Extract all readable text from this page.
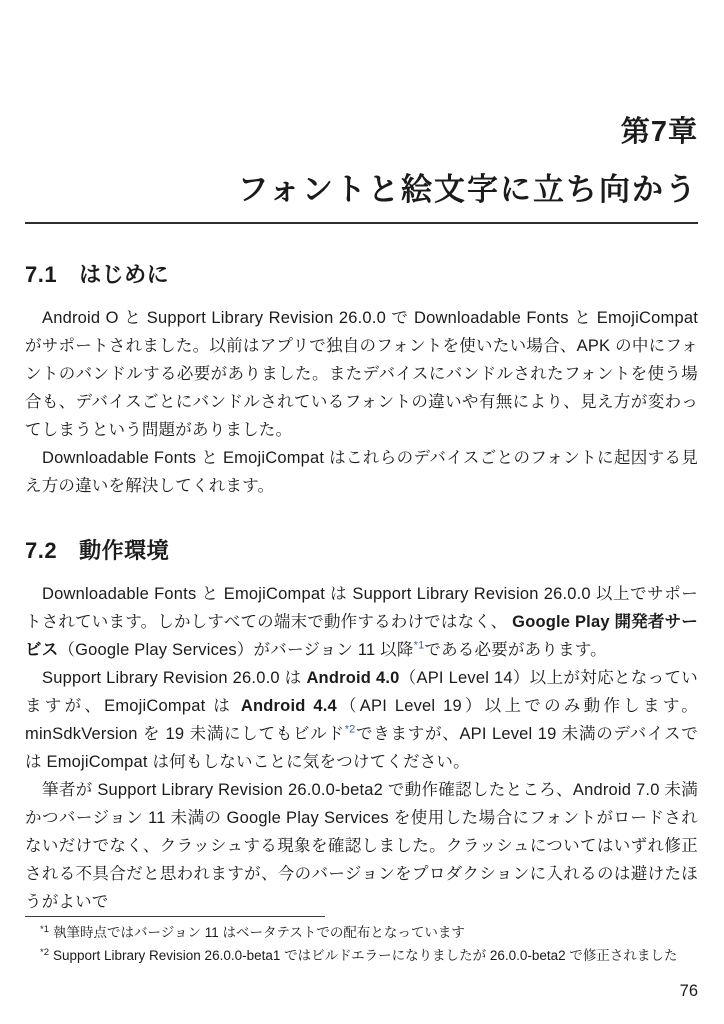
第7章
フォントと絵文字に立ち向かう
7.1 はじめに

Android O と Support Library Revision 26.0.0 で Downloadable Fonts と EmojiCompat がサポートされました。以前はアプリで独自のフォントを使いたい場合、APK の中にフォントのバンドルする必要がありました。またデバイスにバンドルされたフォントを使う場合も、デバイスごとにバンドルされているフォントの違いや有無により、見え方が変わってしまうという問題がありました。

Downloadable Fonts と EmojiCompat はこれらのデバイスごとのフォントに起因する見え方の違いを解決してくれます。

7.2 動作環境

Downloadable Fonts と EmojiCompat は Support Library Revision 26.0.0 以上でサポートされています。しかしすべての端末で動作するわけではなく、 Google Play 開発者サービス（Google Play Services）がバージョン 11 以降$^{*1}$である必要があります。

Support Library Revision 26.0.0 は Android 4.0（API Level 14）以上が対応となっていますが、EmojiCompat は Android 4.4（API Level 19）以上でのみ動作します。minSdkVersion を 19 未満にしてもビルド$^{*2}$できますが、API Level 19 未満のデバイスでは EmojiCompat は何もしないことに気をつけてください。

筆者が Support Library Revision 26.0.0-beta2 で動作確認したところ、Android 7.0 未満かつバージョン 11 未満の Google Play Services を使用した場合にフォントがロードされないだけでなく、クラッシュする現象を確認しました。クラッシュについてはいずれ修正される不具合だと思われますが、今のバージョンをプロダクションに入れるのは避けたほうがよいで

$^{*1}$ 執筆時点ではバージョン 11 はベータテストでの配布となっています
$^{*2}$ Support Library Revision 26.0.0-beta1 ではビルドエラーになりましたが 26.0.0-beta2 で修正されました
76
